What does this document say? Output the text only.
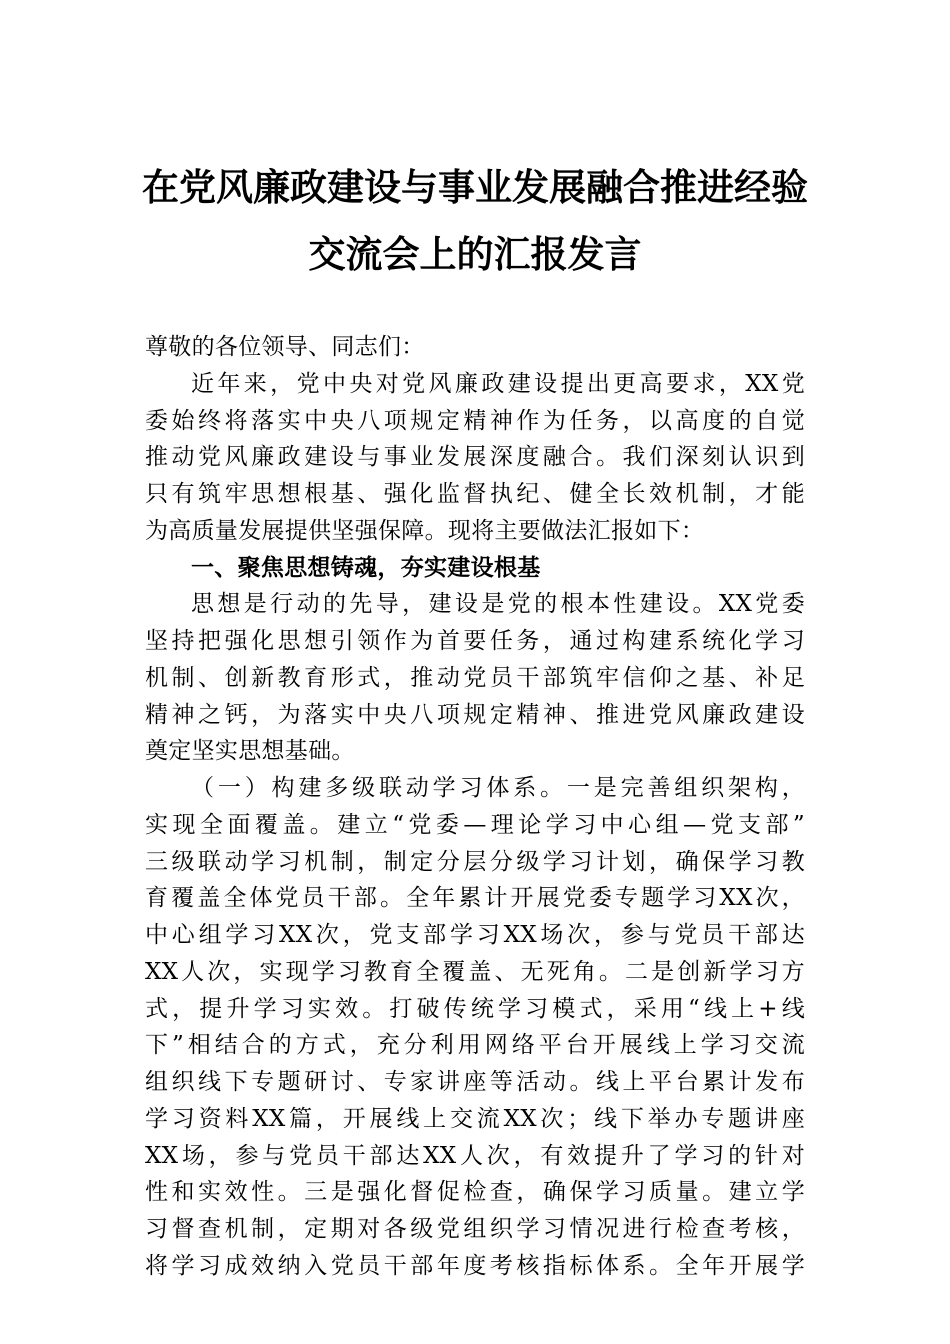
在党风廉政建设与事业发展融合推进经验
交流会上的汇报发言
尊敬的各位领导、同志们：
近年来，党中央对党风廉政建设提出更高要求，XX党
委始终将落实中央八项规定精神作为任务，以高度的自觉
推动党风廉政建设与事业发展深度融合。我们深刻认识到
只有筑牢思想根基、强化监督执纪、健全长效机制，才能
为高质量发展提供坚强保障。现将主要做法汇报如下：
一、聚焦思想铸魂，夯实建设根基
思想是行动的先导，建设是党的根本性建设。XX党委
坚持把强化思想引领作为首要任务，通过构建系统化学习
机制、创新教育形式，推动党员干部筑牢信仰之基、补足
精神之钙，为落实中央八项规定精神、推进党风廉政建设
奠定坚实思想基础。
（一）构建多级联动学习体系。一是完善组织架构，
实现全面覆盖。建立“党委—理论学习中心组—党支部”
三级联动学习机制，制定分层分级学习计划，确保学习教
育覆盖全体党员干部。全年累计开展党委专题学习XX次，
中心组学习XX次，党支部学习XX场次，参与党员干部达
XX人次，实现学习教育全覆盖、无死角。二是创新学习方
式，提升学习实效。打破传统学习模式，采用“线上+线
下”相结合的方式，充分利用网络平台开展线上学习交流
组织线下专题研讨、专家讲座等活动。线上平台累计发布
学习资料XX篇，开展线上交流XX次；线下举办专题讲座
XX场，参与党员干部达XX人次，有效提升了学习的针对
性和实效性。三是强化督促检查，确保学习质量。建立学
习督查机制，定期对各级党组织学习情况进行检查考核，
将学习成效纳入党员干部年度考核指标体系。全年开展学
